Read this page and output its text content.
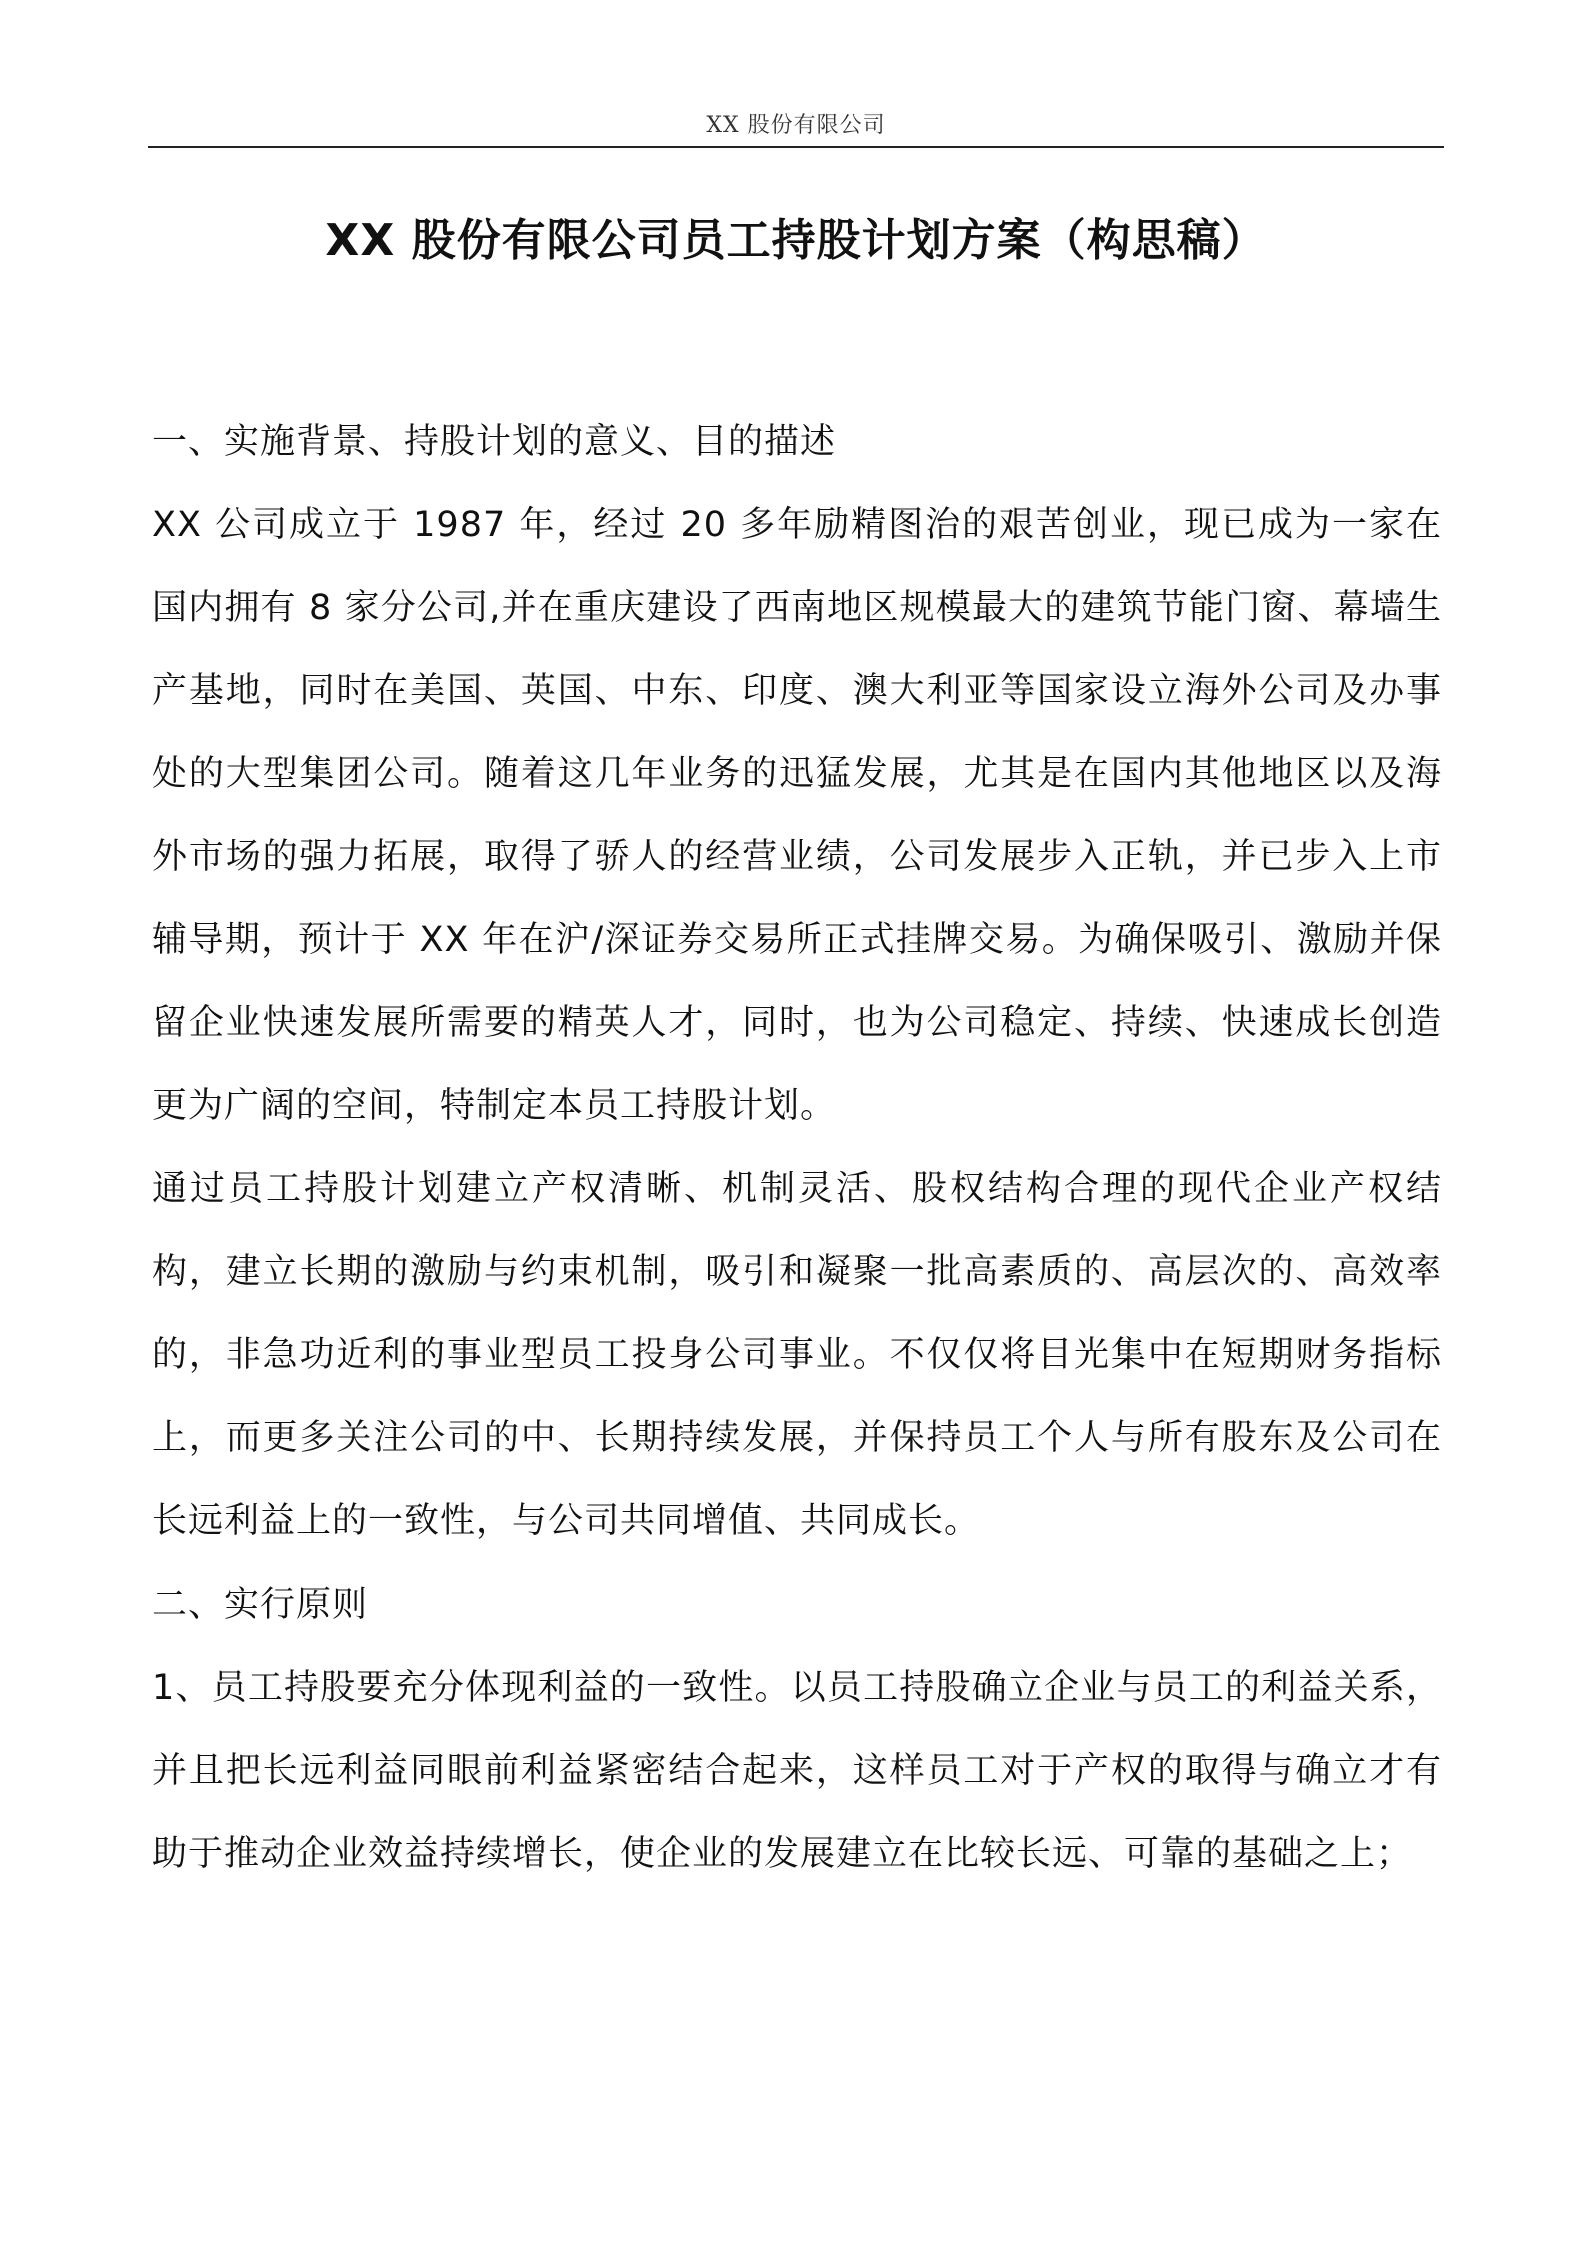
XX 股份有限公司
XX 股份有限公司员工持股计划方案（构思稿）
一、实施背景、持股计划的意义、目的描述

XX 公司成立于 1987 年，经过 20 多年励精图治的艰苦创业，现已成为一家在国内拥有 8 家分公司,并在重庆建设了西南地区规模最大的建筑节能门窗、幕墙生产基地，同时在美国、英国、中东、印度、澳大利亚等国家设立海外公司及办事处的大型集团公司。随着这几年业务的迅猛发展，尤其是在国内其他地区以及海外市场的强力拓展，取得了骄人的经营业绩，公司发展步入正轨，并已步入上市辅导期，预计于 XX 年在沪/深证券交易所正式挂牌交易。为确保吸引、激励并保留企业快速发展所需要的精英人才，同时，也为公司稳定、持续、快速成长创造更为广阔的空间，特制定本员工持股计划。

通过员工持股计划建立产权清晰、机制灵活、股权结构合理的现代企业产权结构，建立长期的激励与约束机制，吸引和凝聚一批高素质的、高层次的、高效率的，非急功近利的事业型员工投身公司事业。不仅仅将目光集中在短期财务指标上，而更多关注公司的中、长期持续发展，并保持员工个人与所有股东及公司在长远利益上的一致性，与公司共同增值、共同成长。

二、实行原则

1、员工持股要充分体现利益的一致性。以员工持股确立企业与员工的利益关系，并且把长远利益同眼前利益紧密结合起来，这样员工对于产权的取得与确立才有助于推动企业效益持续增长，使企业的发展建立在比较长远、可靠的基础之上；
